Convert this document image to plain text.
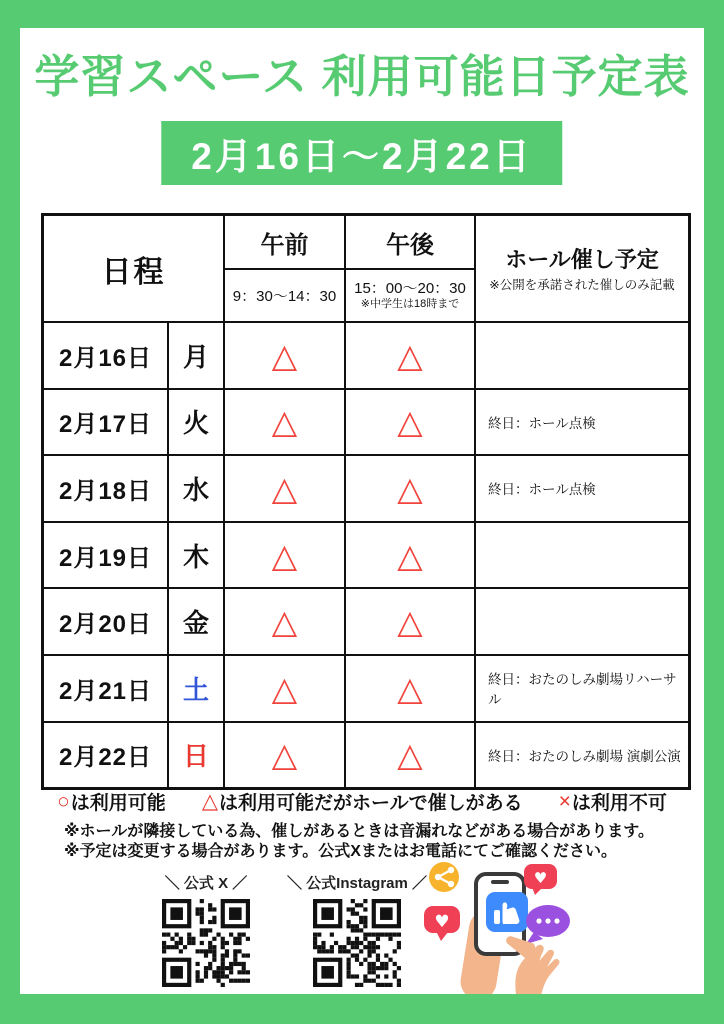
学習スペース 利用可能日予定表
2月16日〜2月22日
日程
午前	午後
ホール催し予定
※公開を承諾された催しのみ記載
9：30〜14：30	15：00〜20：30
※中学生は18時まで
2月16日	月	△	△
2月17日	火	△	△	終日：ホール点検
2月18日	水	△	△	終日：ホール点検
2月19日	木	△	△
2月20日	金	△	△
2月21日	土	△	△	終日：おたのしみ劇場リハーサル
2月22日	日	△	△	終日：おたのしみ劇場 演劇公演
○ は利用可能 △ は利用可能だがホールで催しがある × は利用不可
※ホールが隣接している為、催しがあるときは音漏れなどがある場合があります。
※予定は変更する場合があります。公式Xまたはお電話にてご確認ください。
＼ 公式 X ／	＼ 公式Instagram ／
♥
♥
